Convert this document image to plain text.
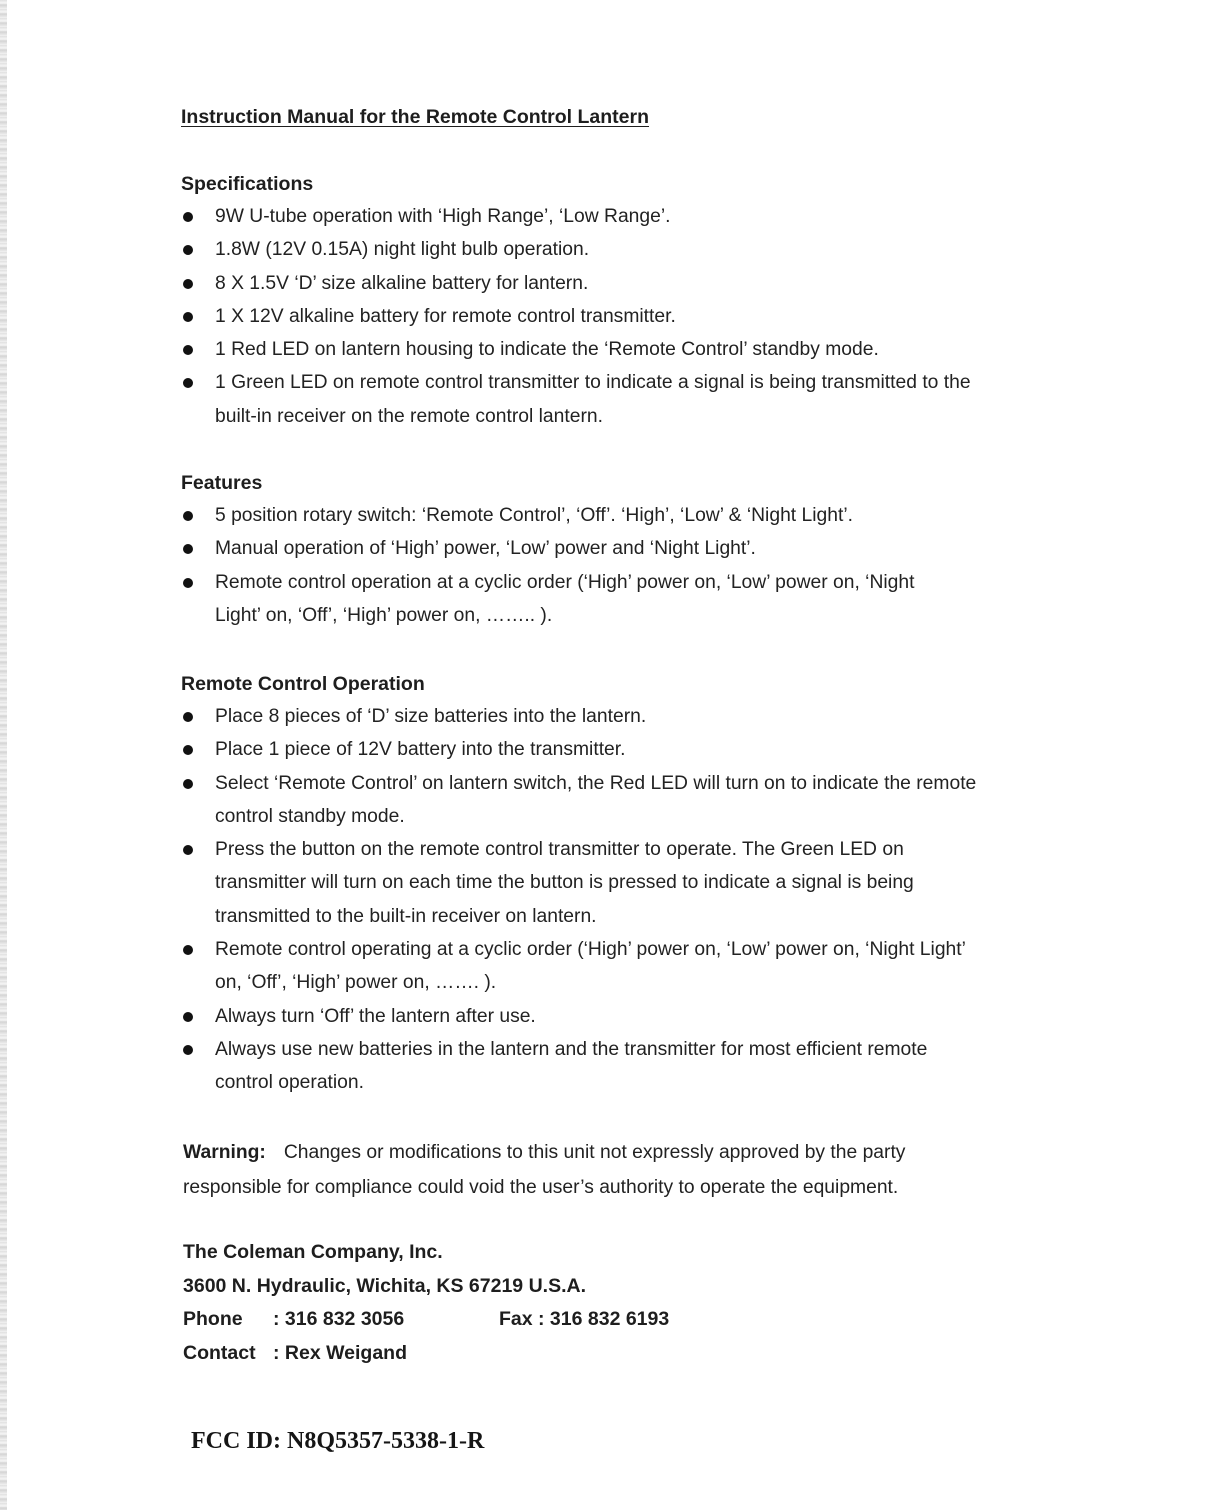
Instruction Manual for the Remote Control Lantern
Specifications
9W U-tube operation with ‘High Range’, ‘Low Range’.
1.8W (12V 0.15A) night light bulb operation.
8 X 1.5V ‘D’ size alkaline battery for lantern.
1 X 12V alkaline battery for remote control transmitter.
1 Red LED on lantern housing to indicate the ‘Remote Control’ standby mode.
1 Green LED on remote control transmitter to indicate a signal is being transmitted to the built-in receiver on the remote control lantern.
Features
5 position rotary switch: ‘Remote Control’, ‘Off’. ‘High’, ‘Low’ & ‘Night Light’.
Manual operation of ‘High’ power, ‘Low’ power and ‘Night Light’.
Remote control operation at a cyclic order (‘High’ power on, ‘Low’ power on, ‘Night Light’ on, ‘Off’, ‘High’ power on, …….. ).
Remote Control Operation
Place 8 pieces of ‘D’ size batteries into the lantern.
Place 1 piece of 12V battery into the transmitter.
Select ‘Remote Control’ on lantern switch, the Red LED will turn on to indicate the remote control standby mode.
Press the button on the remote control transmitter to operate. The Green LED on transmitter will turn on each time the button is pressed to indicate a signal is being transmitted to the built-in receiver on lantern.
Remote control operating at a cyclic order (‘High’ power on, ‘Low’ power on, ‘Night Light’ on, ‘Off’, ‘High’ power on, ……. ).
Always turn ‘Off’ the lantern after use.
Always use new batteries in the lantern and the transmitter for most efficient remote control operation.
Warning: Changes or modifications to this unit not expressly approved by the party responsible for compliance could void the user’s authority to operate the equipment.
The Coleman Company, Inc.
3600 N. Hydraulic, Wichita, KS 67219 U.S.A.
Phone : 316 832 3056	Fax : 316 832 6193
Contact : Rex Weigand
FCC ID: N8Q5357-5338-1-R
